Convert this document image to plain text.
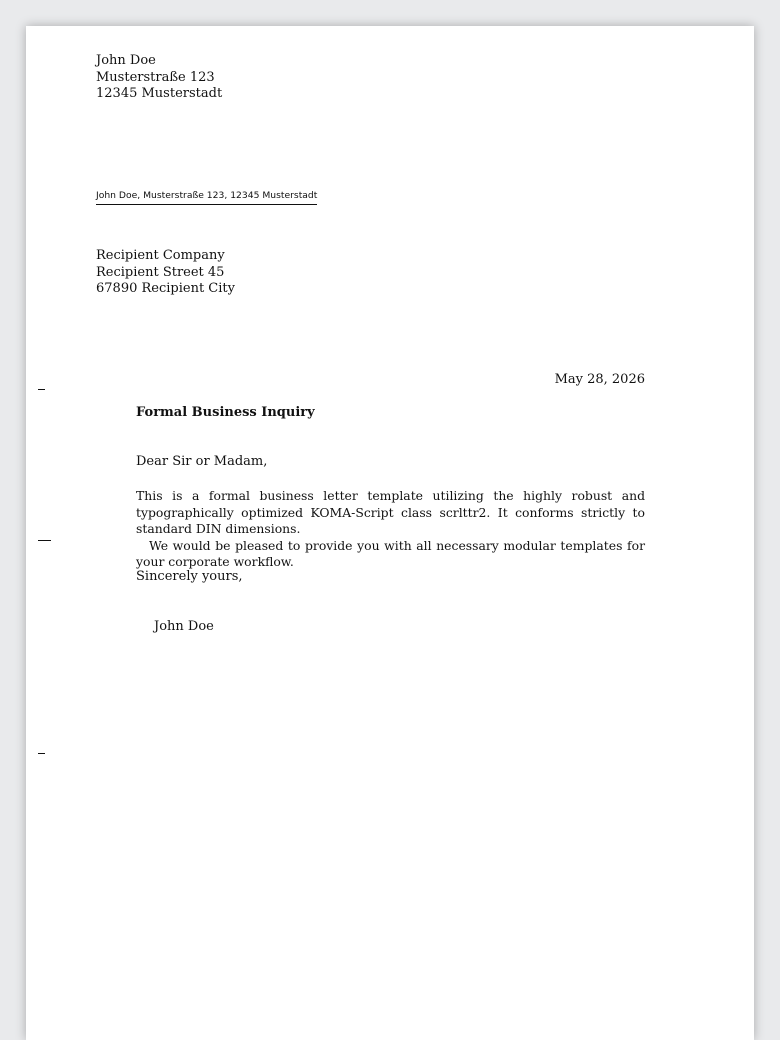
John Doe
Musterstraße 123
12345 Musterstadt
John Doe, Musterstraße 123, 12345 Musterstadt
Recipient Company
Recipient Street 45
67890 Recipient City
May 28, 2026
Formal Business Inquiry
Dear Sir or Madam,

This is a formal business letter template utilizing the highly robust and typographically optimized KOMA-Script class scrlttr2. It conforms strictly to standard DIN dimensions.

We would be pleased to provide you with all necessary modular templates for your corporate workflow.

Sincerely yours,
John Doe
